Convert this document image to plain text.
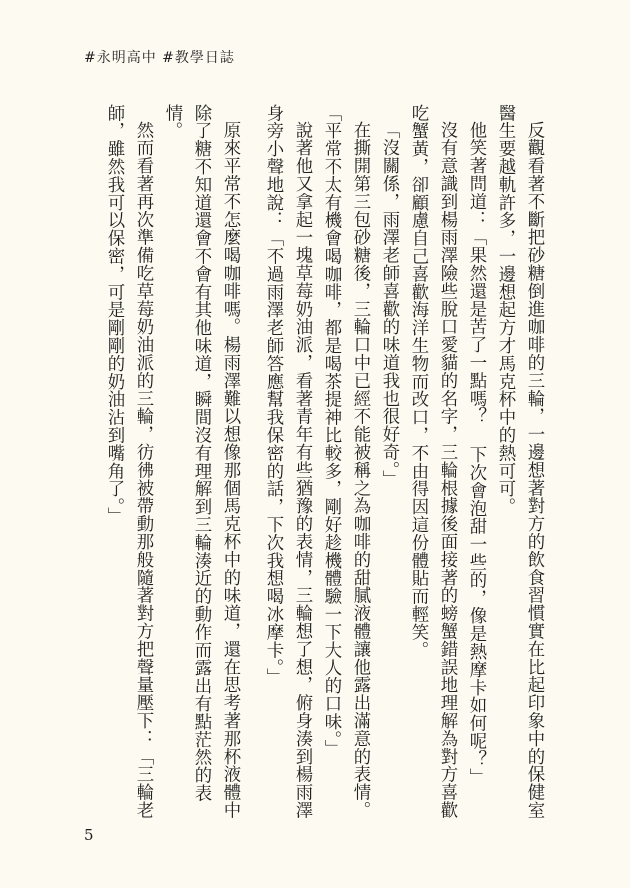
#永明高中 #教學日誌

反觀看著不斷把砂糖倒進咖啡的三輪，一邊想著對方的飲食習慣實在比起印象中的保健室醫生要越軌許多，一邊想起方才馬克杯中的熱可可。

他笑著問道：「果然還是苦了一點嗎？ 下次會泡甜一些的，像是熱摩卡如何呢？」

沒有意識到楊雨澤險些脫口愛貓的名字，三輪根據後面接著的螃蟹錯誤地理解為對方喜歡吃蟹黃，卻顧慮自己喜歡海洋生物而改口，不由得因這份體貼而輕笑。

「沒關係，雨澤老師喜歡的味道我也很好奇。」

在撕開第三包砂糖後，三輪口中已經不能被稱之為咖啡的甜膩液體讓他露出滿意的表情。「平常不太有機會喝咖啡，都是喝茶提神比較多，剛好趁機體驗一下大人的口味。」

說著他又拿起一塊草莓奶油派，看著青年有些猶豫的表情，三輪想了想，俯身湊到楊雨澤身旁小聲地說：「不過雨澤老師答應幫我保密的話，下次我想喝冰摩卡。」

原來平常不怎麼喝咖啡嗎。楊雨澤難以想像那個馬克杯中的味道，還在思考著那杯液體中除了糖不知道還會不會有其他味道，瞬間沒有理解到三輪湊近的動作而露出有點茫然的表情。

然而看著再次準備吃草莓奶油派的三輪，彷彿被帶動那般隨著對方把聲量壓下：「三輪老師，雖然我可以保密，可是剛剛的奶油沾到嘴角了。」

5
